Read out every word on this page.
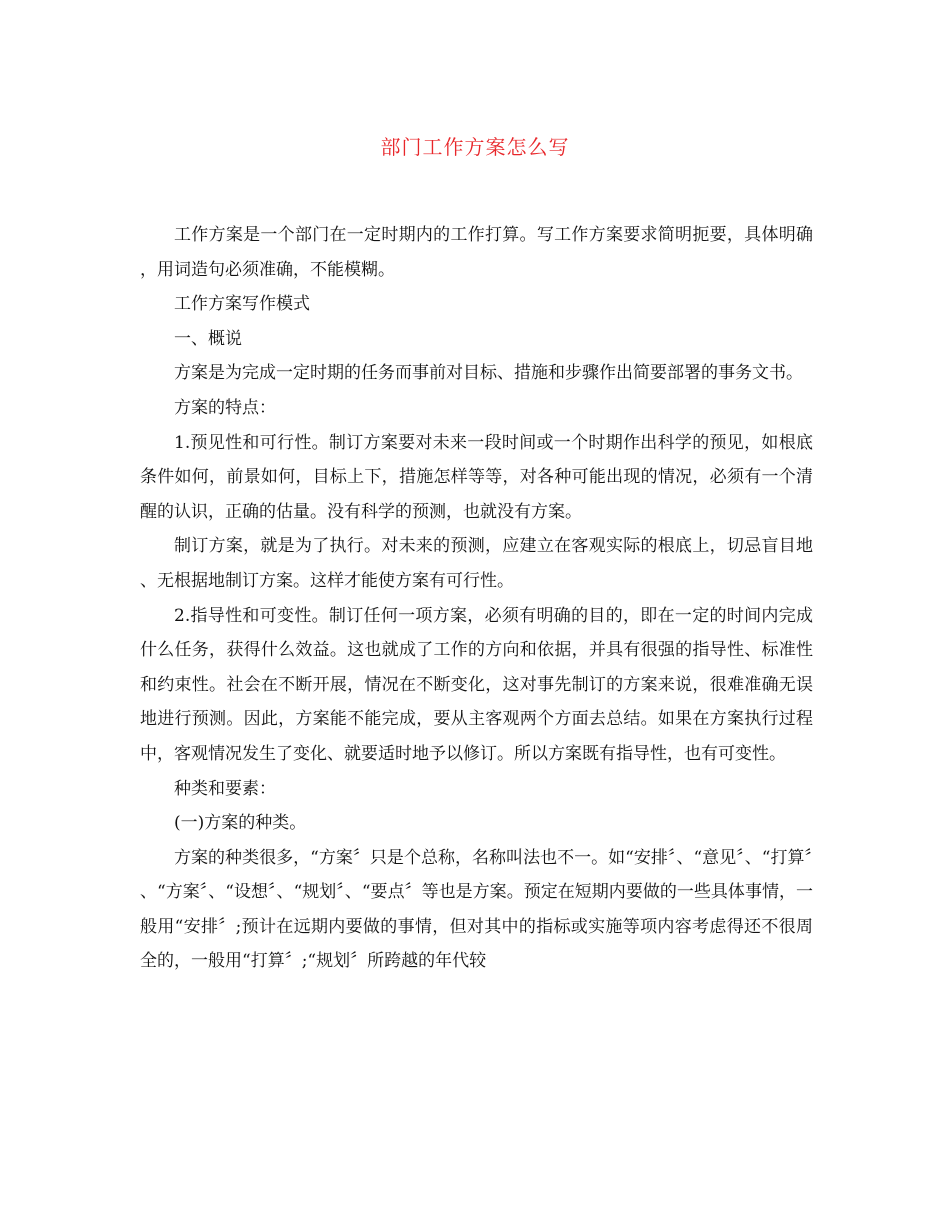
部门工作方案怎么写

工作方案是一个部门在一定时期内的工作打算。写工作方案要求简明扼要，具体明确，用词造句必须准确，不能模糊。

工作方案写作模式

一、概说

方案是为完成一定时期的任务而事前对目标、措施和步骤作出简要部署的事务文书。

方案的特点：

1.预见性和可行性。制订方案要对未来一段时间或一个时期作出科学的预见，如根底条件如何，前景如何，目标上下，措施怎样等等，对各种可能出现的情况，必须有一个清醒的认识，正确的估量。没有科学的预测，也就没有方案。

制订方案，就是为了执行。对未来的预测，应建立在客观实际的根底上，切忌盲目地、无根据地制订方案。这样才能使方案有可行性。

2.指导性和可变性。制订任何一项方案，必须有明确的目的，即在一定的时间内完成什么任务，获得什么效益。这也就成了工作的方向和依据，并具有很强的指导性、标准性和约束性。社会在不断开展，情况在不断变化，这对事先制订的方案来说，很难准确无误地进行预测。因此，方案能不能完成，要从主客观两个方面去总结。如果在方案执行过程中，客观情况发生了变化、就要适时地予以修订。所以方案既有指导性，也有可变性。

种类和要素：

(一)方案的种类。

方案的种类很多，“方案〞只是个总称，名称叫法也不一。如“安排〞、“意见〞、“打算〞、“方案〞、“设想〞、“规划〞、“要点〞等也是方案。预定在短期内要做的一些具体事情，一般用“安排〞;预计在远期内要做的事情，但对其中的指标或实施等项内容考虑得还不很周全的，一般用“打算〞;“规划〞所跨越的年代较
